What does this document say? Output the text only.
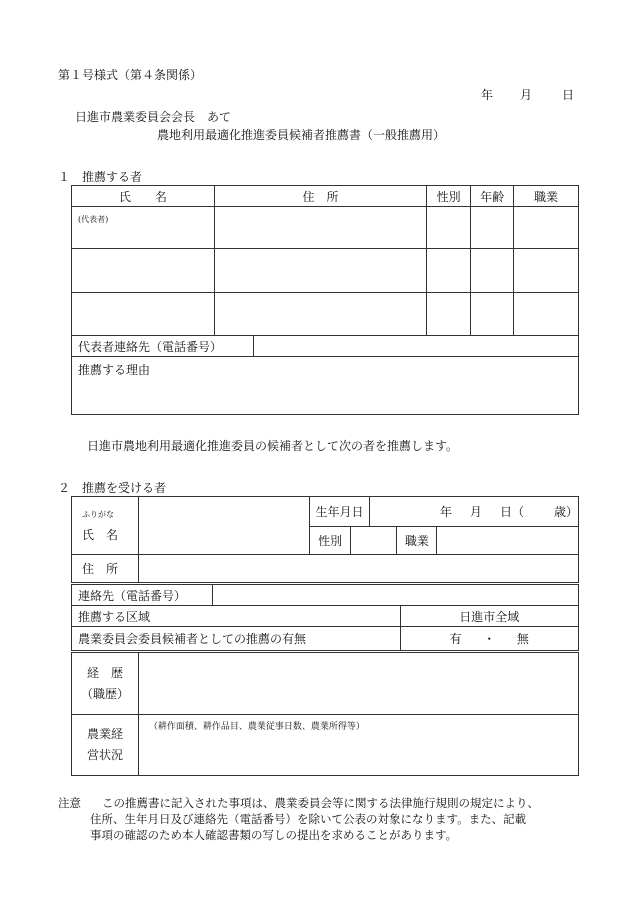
第１号様式（第４条関係）
年 月 日
日進市農業委員会会長　あて
農地利用最適化推進委員候補者推薦書（一般推薦用）
１　推薦する者
氏　　名	住　所	性別	年齢	職業
(代表者)				

代表者連絡先（電話番号）	
推薦する理由
日進市農地利用最適化推進委員の候補者として次の者を推薦します。
２　推薦を受ける者
ふりがな
氏　名		生年月日		年 月 日（ 歳）		
		性別			職業	
住　所						
連絡先（電話番号）		
推薦する区域		日進市全域
農業委員会委員候補者としての推薦の有無		有 ・ 無
経　歴
（職歴）	

農業経
営状況	（耕作面積、耕作品目、農業従事日数、農業所得等）
注意 この推薦書に記入された事項は、農業委員会等に関する法律施行規則の規定により、
住所、生年月日及び連絡先（電話番号）を除いて公表の対象になります。また、記載
事項の確認のため本人確認書類の写しの提出を求めることがあります。
